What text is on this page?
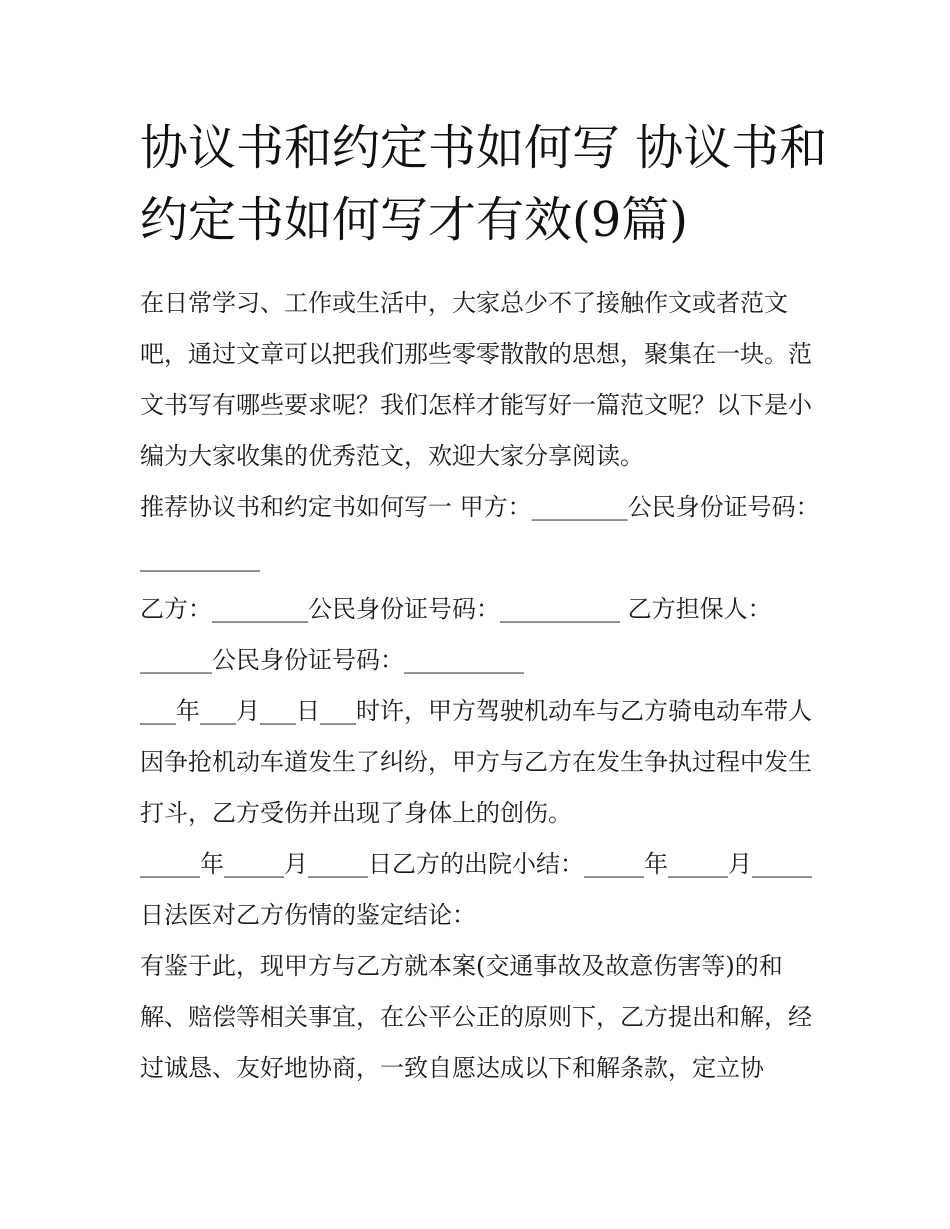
协议书和约定书如何写 协议书和约定书如何写才有效(9篇)

在日常学习、工作或生活中，大家总少不了接触作文或者范文吧，通过文章可以把我们那些零零散散的思想，聚集在一块。范文书写有哪些要求呢？我们怎样才能写好一篇范文呢？以下是小编为大家收集的优秀范文，欢迎大家分享阅读。

推荐协议书和约定书如何写一 甲方：________公民身份证号码：__________

乙方：________公民身份证号码：__________ 乙方担保人：______公民身份证号码：__________

___年___月___日___时许，甲方驾驶机动车与乙方骑电动车带人因争抢机动车道发生了纠纷，甲方与乙方在发生争执过程中发生打斗，乙方受伤并出现了身体上的创伤。

_____年_____月_____日乙方的出院小结：_____年_____月_____日法医对乙方伤情的鉴定结论：

有鉴于此，现甲方与乙方就本案(交通事故及故意伤害等)的和解、赔偿等相关事宜，在公平公正的原则下，乙方提出和解，经过诚恳、友好地协商，一致自愿达成以下和解条款，定立协
